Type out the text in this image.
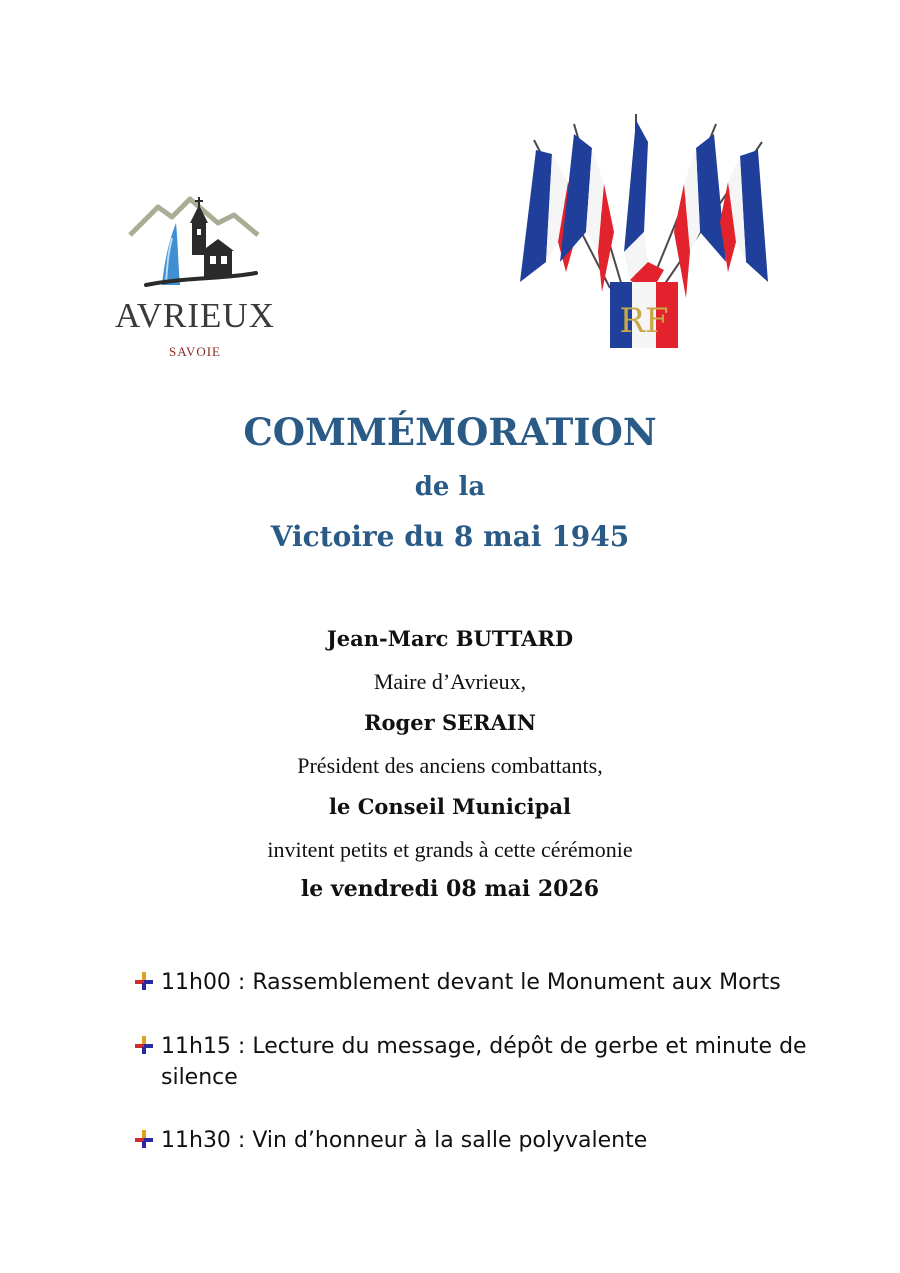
AVRIEUX
SAVOIE
RF
COMMÉMORATION
de la
Victoire du 8 mai 1945
Jean-Marc BUTTARD
Maire d’Avrieux,
Roger SERAIN
Président des anciens combattants,
le Conseil Municipal
invitent petits et grands à cette cérémonie
le vendredi 08 mai 2026
11h00 : Rassemblement devant le Monument aux Morts
11h15 : Lecture du message, dépôt de gerbe et minute de silence
11h30 : Vin d’honneur à la salle polyvalente
